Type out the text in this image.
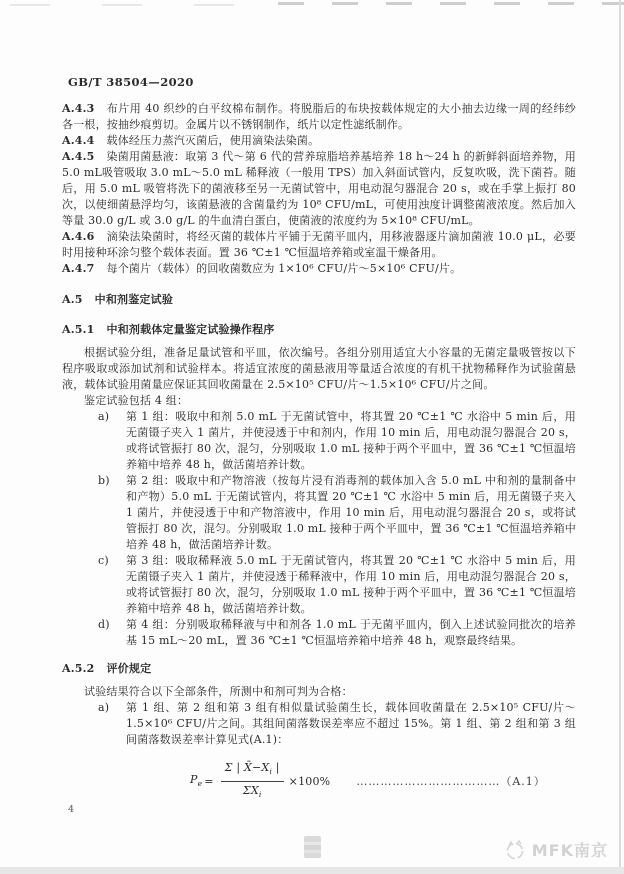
GB/T 38504—2020

A.4.3 布片用 40 织纱的白平纹棉布制作。将脱脂后的布块按载体规定的大小抽去边缘一周的经纬纱各一根，按抽纱痕剪切。金属片以不锈钢制作，纸片以定性滤纸制作。

A.4.4 载体经压力蒸汽灭菌后，使用滴染法染菌。

A.4.5 染菌用菌悬液：取第 3 代～第 6 代的营养琼脂培养基培养 18 h～24 h 的新鲜斜面培养物，用 5.0 mL吸管吸取 3.0 mL～5.0 mL 稀释液（一般用 TPS）加入斜面试管内，反复吹吸，洗下菌苔。随后，用 5.0 mL 吸管将洗下的菌液移至另一无菌试管中，用电动混匀器混合 20 s，或在手掌上振打 80 次，以使细菌悬浮均匀，该菌悬液的含菌量约为 10⁸ CFU/mL，可使用浊度计调整菌液浓度。然后加入等量 30.0 g/L 或 3.0 g/L 的牛血清白蛋白，使菌液的浓度约为 5×10⁸ CFU/mL。

A.4.6 滴染法染菌时，将经灭菌的载体片平铺于无菌平皿内，用移液器逐片滴加菌液 10.0 μL，必要时用接种环涂匀整个载体表面。置 36 ℃±1 ℃恒温培养箱或室温干燥备用。

A.4.7 每个菌片（载体）的回收菌数应为 1×10⁶ CFU/片～5×10⁶ CFU/片。

A.5 中和剂鉴定试验

A.5.1 中和剂载体定量鉴定试验操作程序

根据试验分组，准备足量试管和平皿，依次编号。各组分别用适宜大小容量的无菌定量吸管按以下程序吸取或添加试剂和试验样本。将适宜浓度的菌悬液用等量适合浓度的有机干扰物稀释作为试验菌悬液，载体试验用菌量应保证其回收菌量在 2.5×10⁵ CFU/片～1.5×10⁶ CFU/片之间。

鉴定试验包括 4 组：

a) 第 1 组：吸取中和剂 5.0 mL 于无菌试管中，将其置 20 ℃±1 ℃ 水浴中 5 min 后，用无菌镊子夹入 1 菌片，并使浸透于中和剂内，作用 10 min 后，用电动混匀器混合 20 s，或将试管振打 80 次，混匀，分别吸取 1.0 mL 接种于两个平皿中，置 36 ℃±1 ℃恒温培养箱中培养 48 h，做活菌培养计数。

b) 第 2 组：吸取中和产物溶液（按每片浸有消毒剂的载体加入含 5.0 mL 中和剂的量制备中和产物）5.0 mL 于无菌试管内，将其置 20 ℃±1 ℃ 水浴中 5 min 后，用无菌镊子夹入 1 菌片，并使浸透于中和产物溶液中，作用 10 min 后，用电动混匀器混合 20 s，或将试管振打 80 次，混匀。分别吸取 1.0 mL 接种于两个平皿中，置 36 ℃±1 ℃恒温培养箱中培养 48 h，做活菌培养计数。

c) 第 3 组：吸取稀释液 5.0 mL 于无菌试管内，将其置 20 ℃±1 ℃ 水浴中 5 min 后，用无菌镊子夹入 1 菌片，并使浸透于稀释液中，作用 10 min 后，用电动混匀器混合 20 s，或将试管振打 80 次，混匀，分别吸取 1.0 mL 接种于两个平皿中，置 36 ℃±1 ℃恒温培养箱中培养 48 h，做活菌培养计数。

d) 第 4 组：分别吸取稀释液与中和剂各 1.0 mL 于无菌平皿内，倒入上述试验同批次的培养基 15 mL～20 mL，置 36 ℃±1 ℃恒温培养箱中培养 48 h，观察最终结果。

A.5.2 评价规定

试验结果符合以下全部条件，所测中和剂可判为合格：

a) 第 1 组、第 2 组和第 3 组有相似量试验菌生长，载体回收菌量在 2.5×10⁵ CFU/片～1.5×10⁶ CFU/片之间。其组间菌落数误差率应不超过 15%。第 1 组、第 2 组和第 3 组间菌落数误差率计算见式(A.1)：

$P_e = \frac{\Sigma | X̄-X_i |}{\Sigma X_i} \times 100\%$ ………………………………（A.1）
4
MFK南京
